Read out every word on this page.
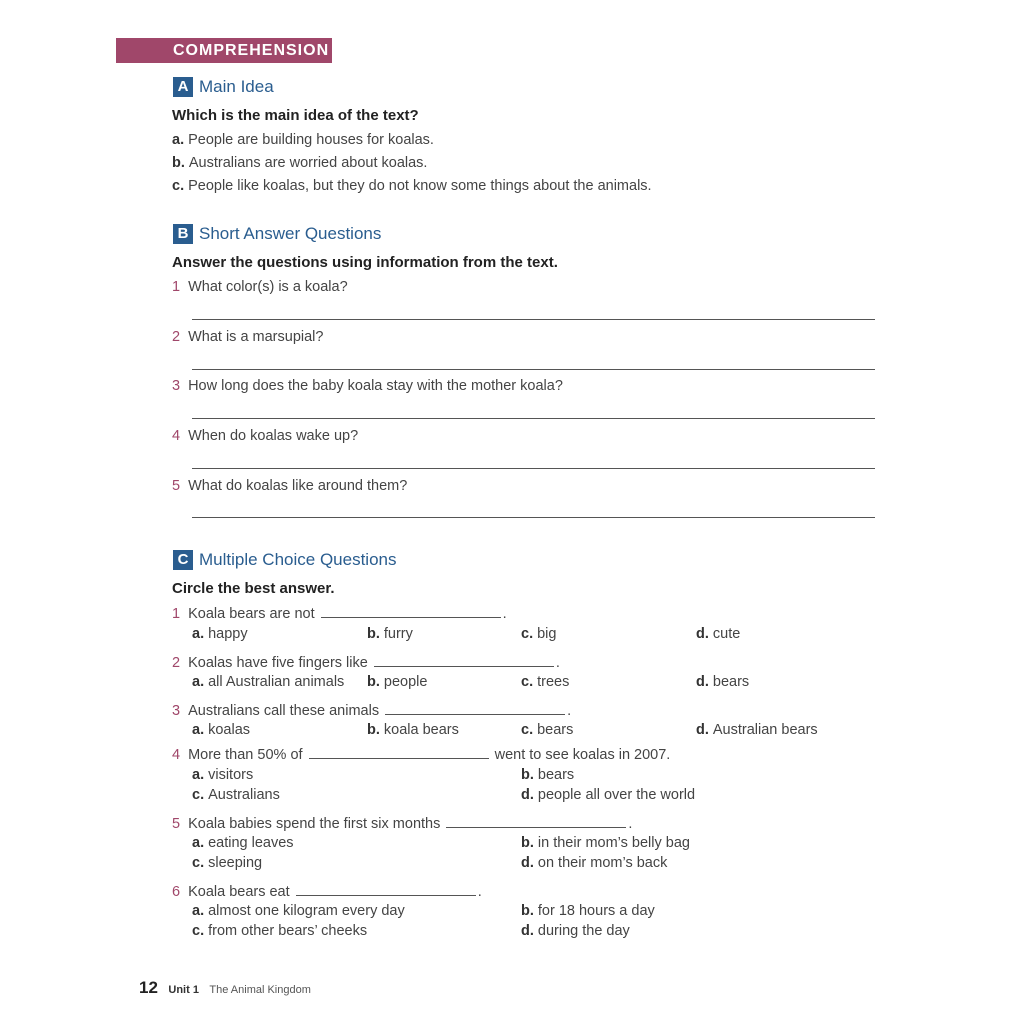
COMPREHENSION
A Main Idea
Which is the main idea of the text?
a. People are building houses for koalas.
b. Australians are worried about koalas.
c. People like koalas, but they do not know some things about the animals.
B Short Answer Questions
Answer the questions using information from the text.
1 What color(s) is a koala?
2 What is a marsupial?
3 How long does the baby koala stay with the mother koala?
4 When do koalas wake up?
5 What do koalas like around them?
C Multiple Choice Questions
Circle the best answer.
1 Koala bears are not	.
a. happy	b. furry	c. big	d. cute
2 Koalas have five fingers like	.
a. all Australian animals b. people	c. trees	d. bears
3 Australians call these animals	.
a. koalas	b. koala bears	c. bears	d. Australian bears
4 More than 50% of	went to see koalas in 2007.
a. visitors	b. bears
c. Australians	d. people all over the world
5 Koala babies spend the first six months	.
a. eating leaves	b. in their mom’s belly bag
c. sleeping	d. on their mom’s back
6 Koala bears eat	.
a. almost one kilogram every day	b. for 18 hours a day
c. from other bears’ cheeks	d. during the day
12 Unit 1 The Animal Kingdom
